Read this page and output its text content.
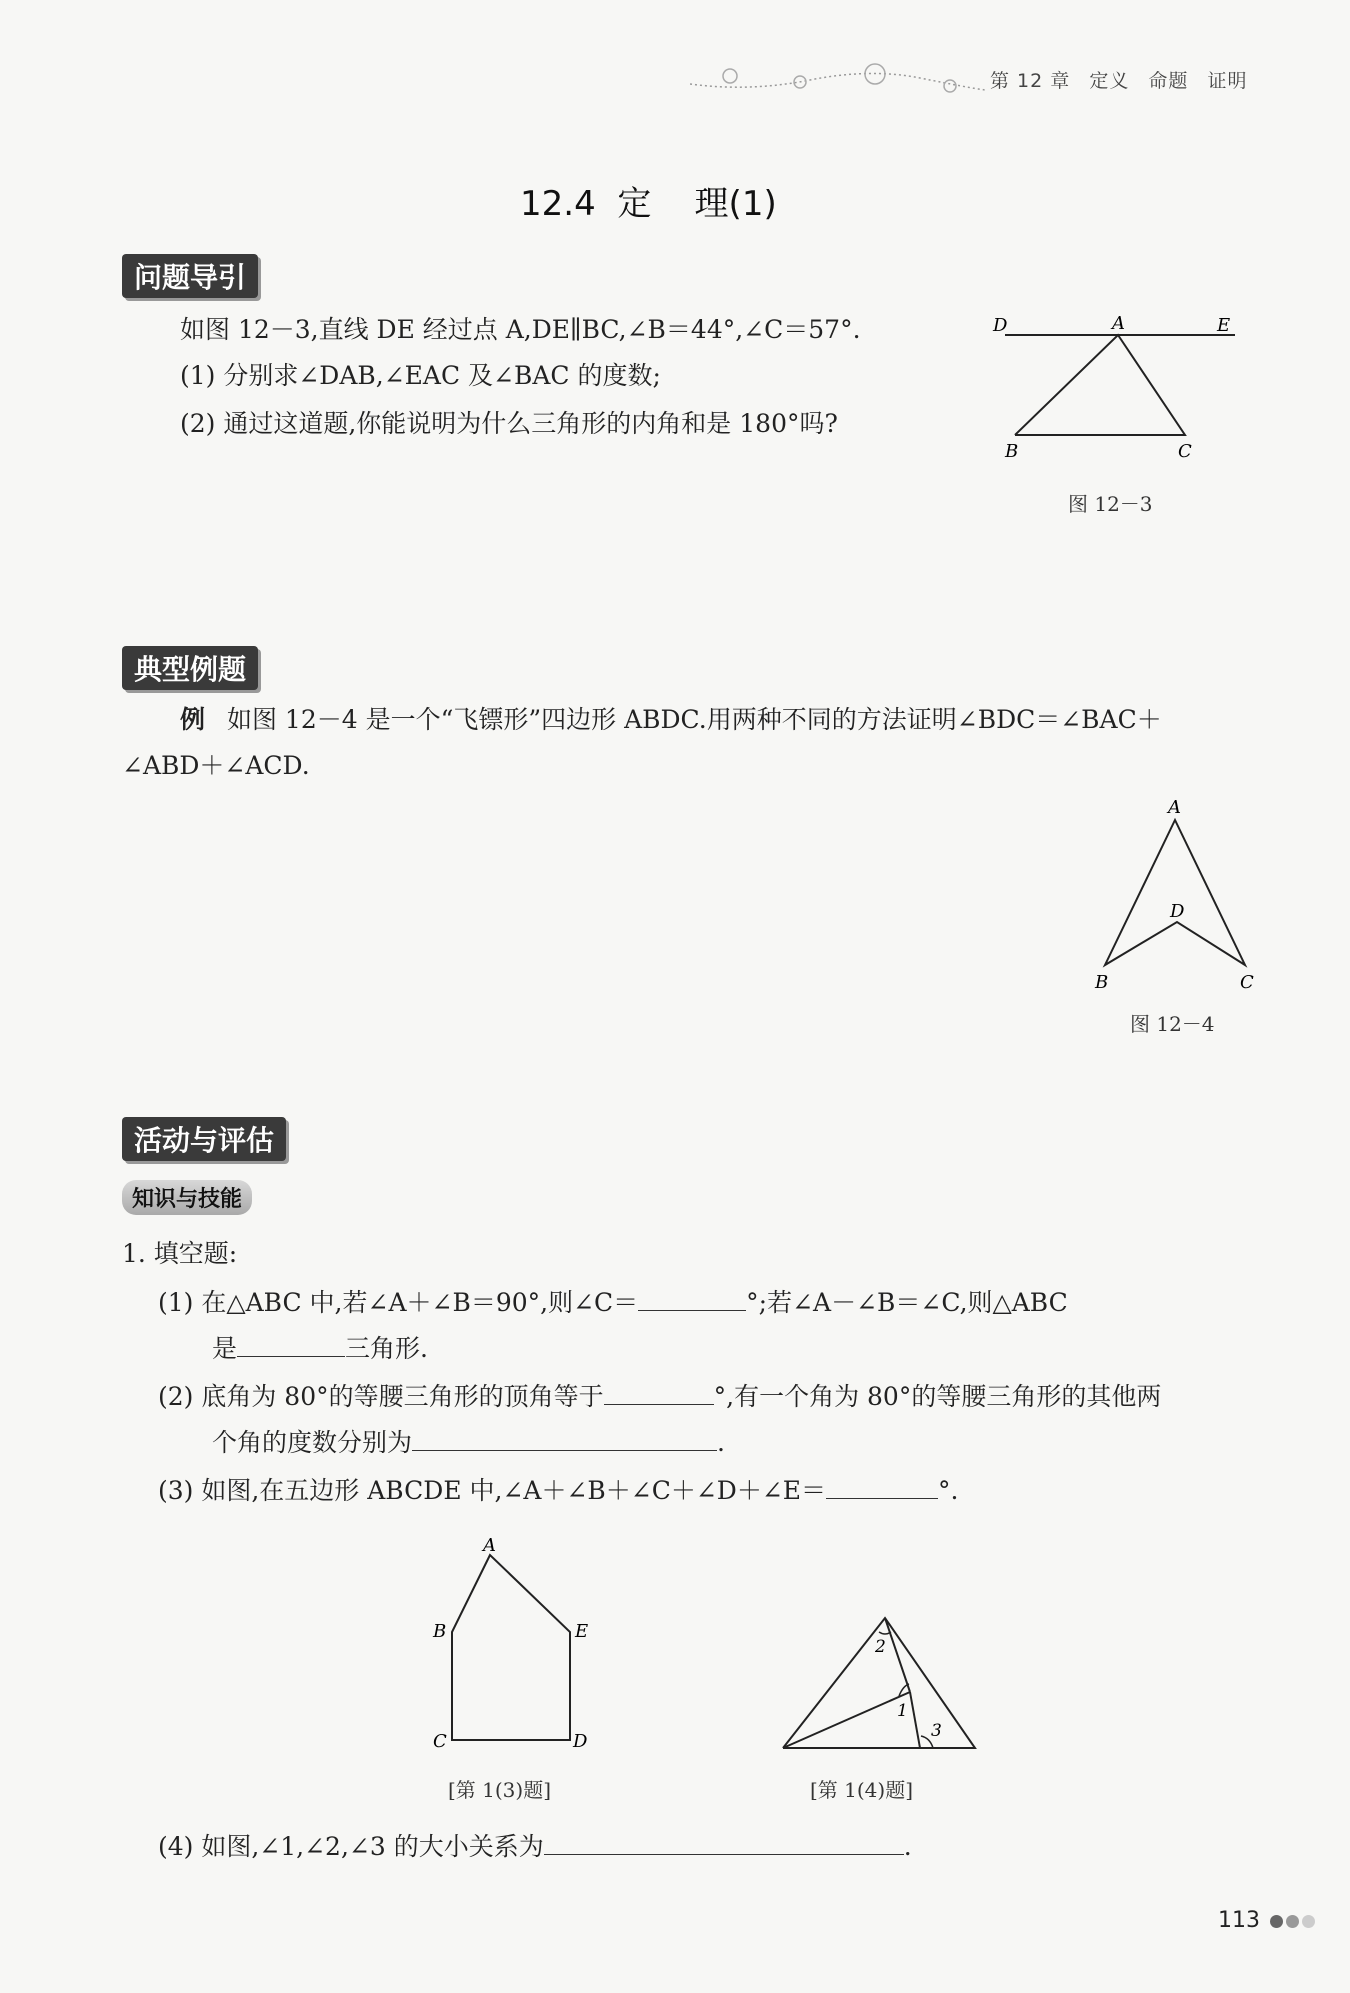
第 12 章 定义 命题 证明
12.4  定    理(1)
问题导引
如图 12－3,直线 DE 经过点 A,DE∥BC,∠B＝44°,∠C＝57°.
(1) 分别求∠DAB,∠EAC 及∠BAC 的度数;
(2) 通过这道题,你能说明为什么三角形的内角和是 180°吗?
D	A	E
B	C
图 12－3
典型例题
例 如图 12－4 是一个“飞镖形”四边形 ABDC.用两种不同的方法证明∠BDC＝∠BAC＋
∠ABD＋∠ACD.
A
D
B	C
图 12－4
活动与评估
知识与技能
1. 填空题:
(1) 在△ABC 中,若∠A＋∠B＝90°,则∠C＝	°;若∠A－∠B＝∠C,则△ABC
是	三角形.
(2) 底角为 80°的等腰三角形的顶角等于	°,有一个角为 80°的等腰三角形的其他两
个角的度数分别为	.
(3) 如图,在五边形 ABCDE 中,∠A＋∠B＋∠C＋∠D＋∠E＝	°.
A
B	E
C	D
[第 1(3)题]
2
1
3
[第 1(4)题]
(4) 如图,∠1,∠2,∠3 的大小关系为	.
113
